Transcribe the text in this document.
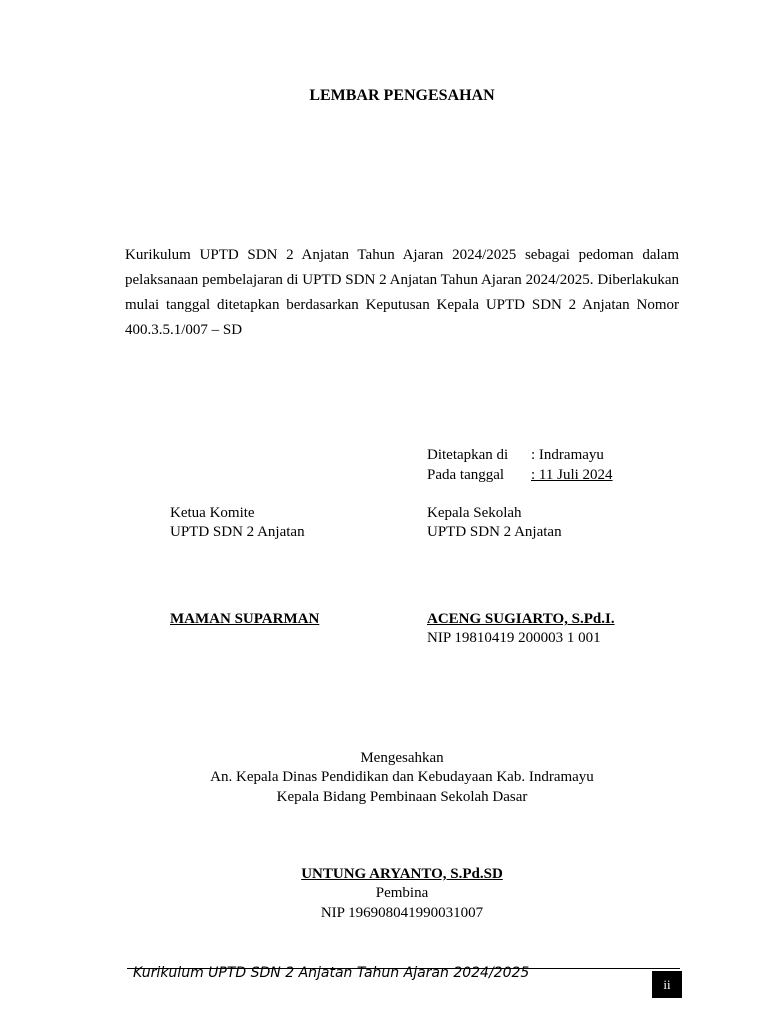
LEMBAR PENGESAHAN
Kurikulum UPTD SDN 2 Anjatan Tahun Ajaran 2024/2025 sebagai pedoman dalam pelaksanaan pembelajaran di UPTD SDN 2 Anjatan Tahun Ajaran 2024/2025. Diberlakukan mulai tanggal ditetapkan berdasarkan Keputusan Kepala UPTD SDN 2 Anjatan Nomor 400.3.5.1/007 – SD
Ditetapkan di : Indramayu
Pada tanggal : 11 Juli 2024
Ketua Komite
UPTD SDN 2 Anjatan
MAMAN SUPARMAN
Kepala Sekolah
UPTD SDN 2 Anjatan
ACENG SUGIARTO, S.Pd.I.
NIP 19810419 200003 1 001
Mengesahkan
An. Kepala Dinas Pendidikan dan Kebudayaan Kab. Indramayu
Kepala Bidang Pembinaan Sekolah Dasar
UNTUNG ARYANTO, S.Pd.SD
Pembina
NIP 196908041990031007
Kurikulum UPTD SDN 2 Anjatan Tahun Ajaran 2024/2025
ii
